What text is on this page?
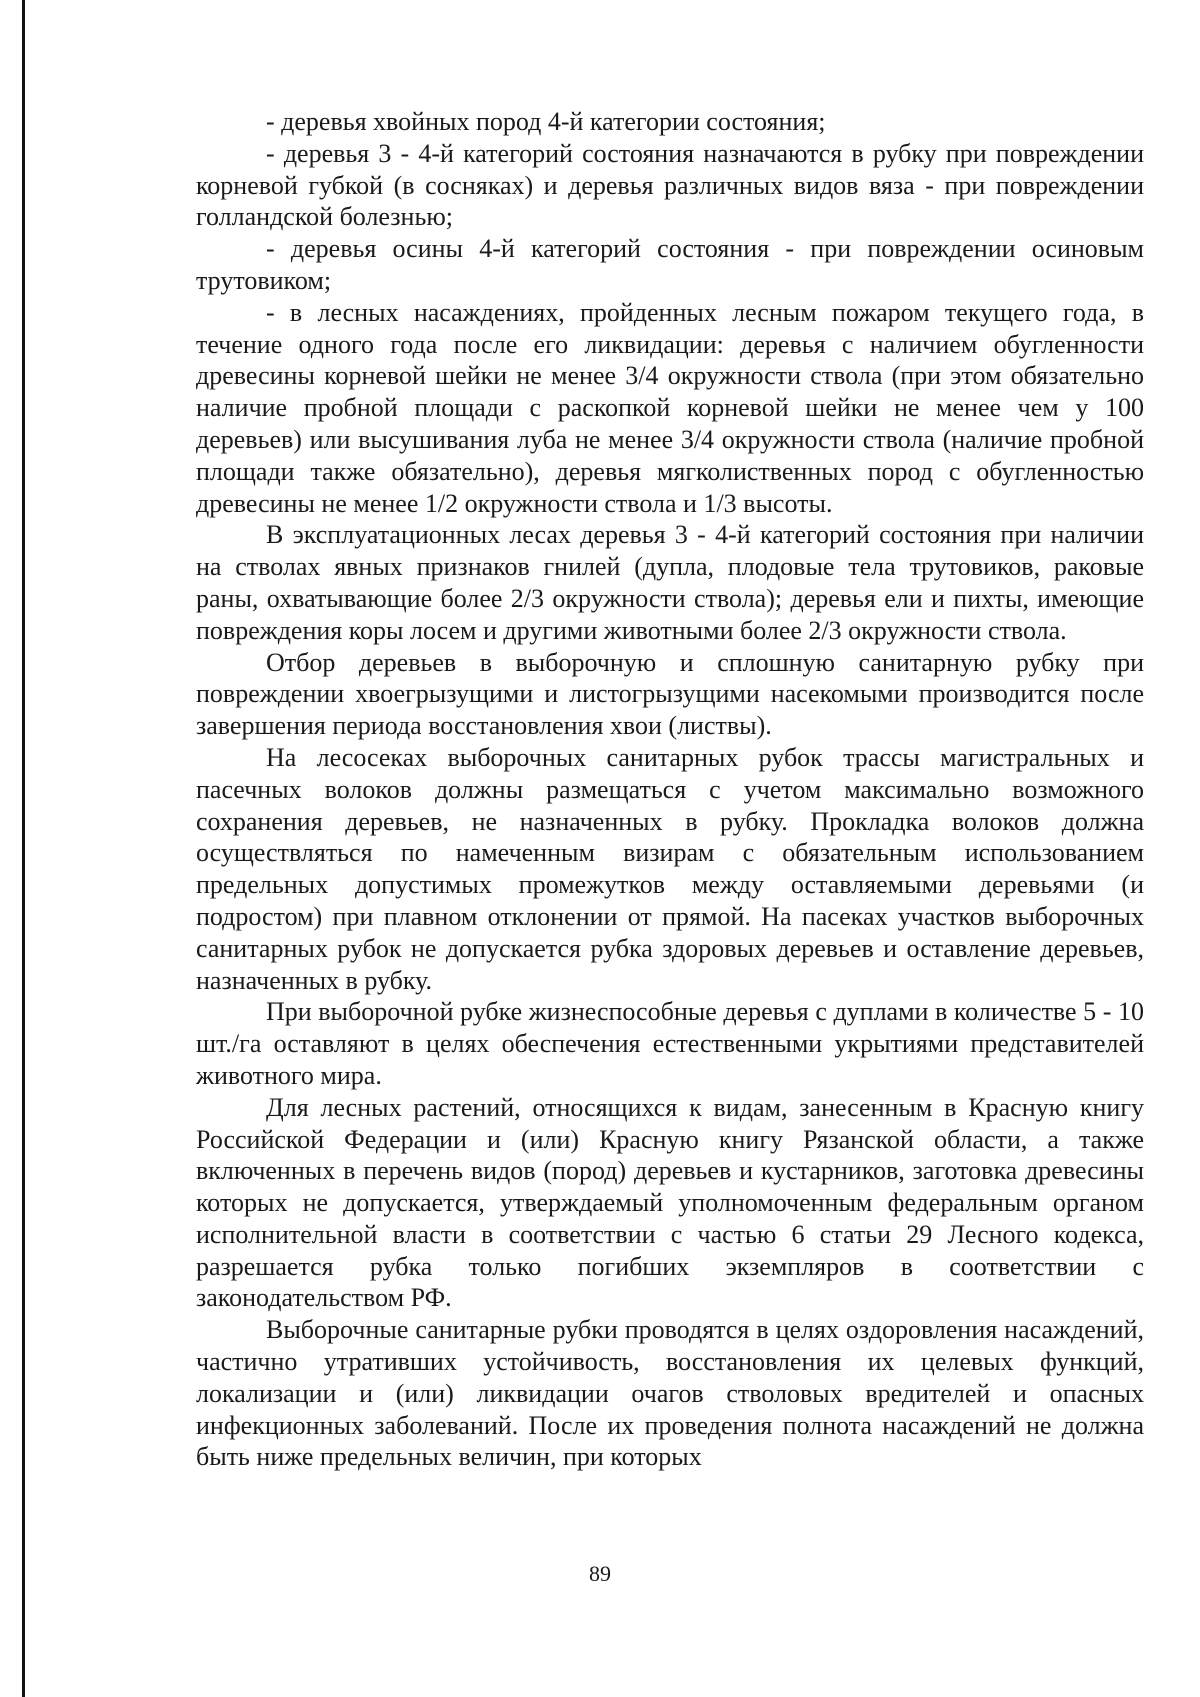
- деревья хвойных пород 4-й категории состояния;

- деревья 3 - 4-й категорий состояния назначаются в рубку при повреждении корневой губкой (в сосняках) и деревья различных видов вяза - при повреждении голландской болезнью;

- деревья осины 4-й категорий состояния - при повреждении осиновым трутовиком;

- в лесных насаждениях, пройденных лесным пожаром текущего года, в течение одного года после его ликвидации: деревья с наличием обугленности древесины корневой шейки не менее 3/4 окружности ствола (при этом обязательно наличие пробной площади с раскопкой корневой шейки не менее чем у 100 деревьев) или высушивания луба не менее 3/4 окружности ствола (наличие пробной площади также обязательно), деревья мягколиственных пород с обугленностью древесины не менее 1/2 окружности ствола и 1/3 высоты.

В эксплуатационных лесах деревья 3 - 4-й категорий состояния при наличии на стволах явных признаков гнилей (дупла, плодовые тела трутовиков, раковые раны, охватывающие более 2/3 окружности ствола); деревья ели и пихты, имеющие повреждения коры лосем и другими животными более 2/3 окружности ствола.

Отбор деревьев в выборочную и сплошную санитарную рубку при повреждении хвоегрызущими и листогрызущими насекомыми производится после завершения периода восстановления хвои (листвы).

На лесосеках выборочных санитарных рубок трассы магистральных и пасечных волоков должны размещаться с учетом максимально возможного сохранения деревьев, не назначенных в рубку. Прокладка волоков должна осуществляться по намеченным визирам с обязательным использованием предельных допустимых промежутков между оставляемыми деревьями (и подростом) при плавном отклонении от прямой. На пасеках участков выборочных санитарных рубок не допускается рубка здоровых деревьев и оставление деревьев, назначенных в рубку.

При выборочной рубке жизнеспособные деревья с дуплами в количестве 5 - 10 шт./га оставляют в целях обеспечения естественными укрытиями представителей животного мира.

Для лесных растений, относящихся к видам, занесенным в Красную книгу Российской Федерации и (или) Красную книгу Рязанской области, а также включенных в перечень видов (пород) деревьев и кустарников, заготовка древесины которых не допускается, утверждаемый уполномоченным федеральным органом исполнительной власти в соответствии с частью 6 статьи 29 Лесного кодекса, разрешается рубка только погибших экземпляров в соответствии с законодательством РФ.

Выборочные санитарные рубки проводятся в целях оздоровления насаждений, частично утративших устойчивость, восстановления их целевых функций, локализации и (или) ликвидации очагов стволовых вредителей и опасных инфекционных заболеваний. После их проведения полнота насаждений не должна быть ниже предельных величин, при которых

89
